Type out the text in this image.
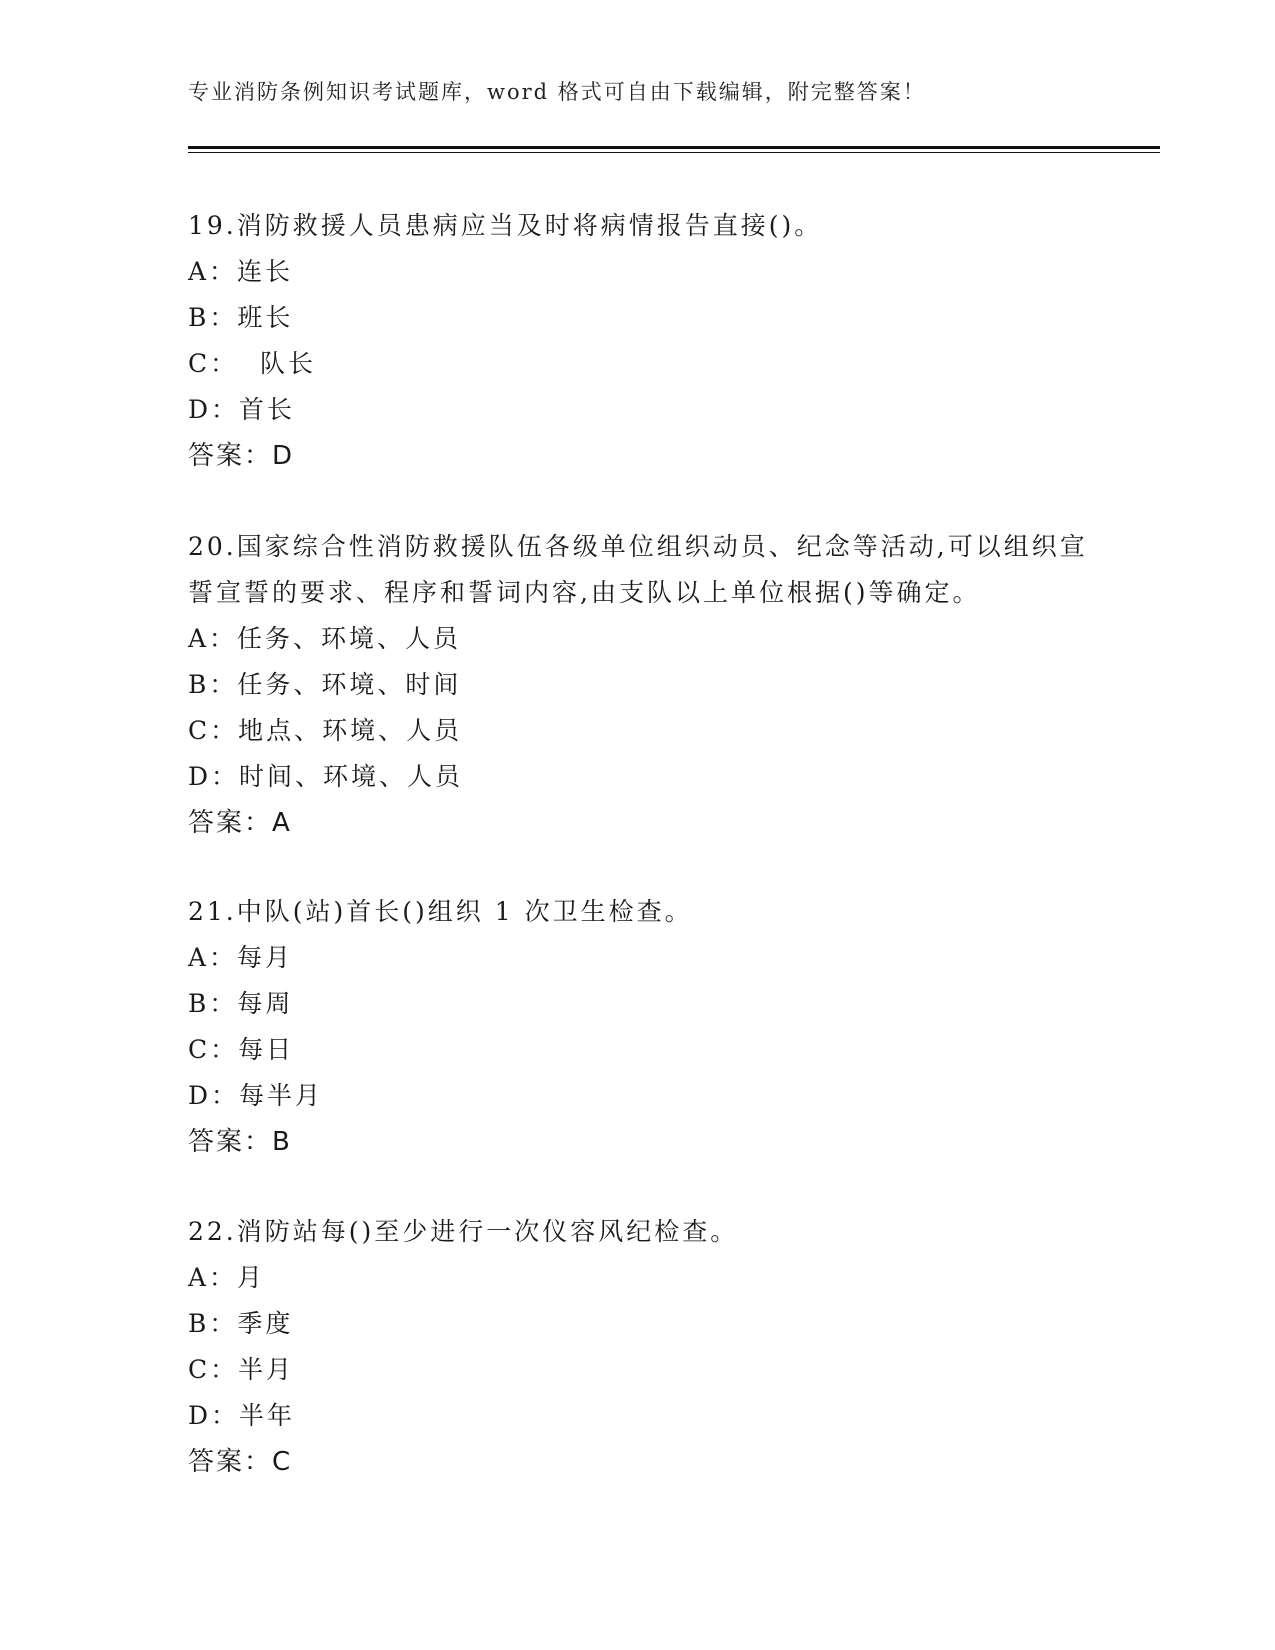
专业消防条例知识考试题库，word 格式可自由下载编辑，附完整答案！

19.消防救援人员患病应当及时将病情报告直接()。

A：连长

B：班长

C：  队长

D：首长

答案：D

20.国家综合性消防救援队伍各级单位组织动员、纪念等活动,可以组织宣誓宣誓的要求、程序和誓词内容,由支队以上单位根据()等确定。

A：任务、环境、人员

B：任务、环境、时间

C：地点、环境、人员

D：时间、环境、人员

答案：A

21.中队(站)首长()组织 1 次卫生检查。

A：每月

B：每周

C：每日

D：每半月

答案：B

22.消防站每()至少进行一次仪容风纪检查。

A：月

B：季度

C：半月

D：半年

答案：C
